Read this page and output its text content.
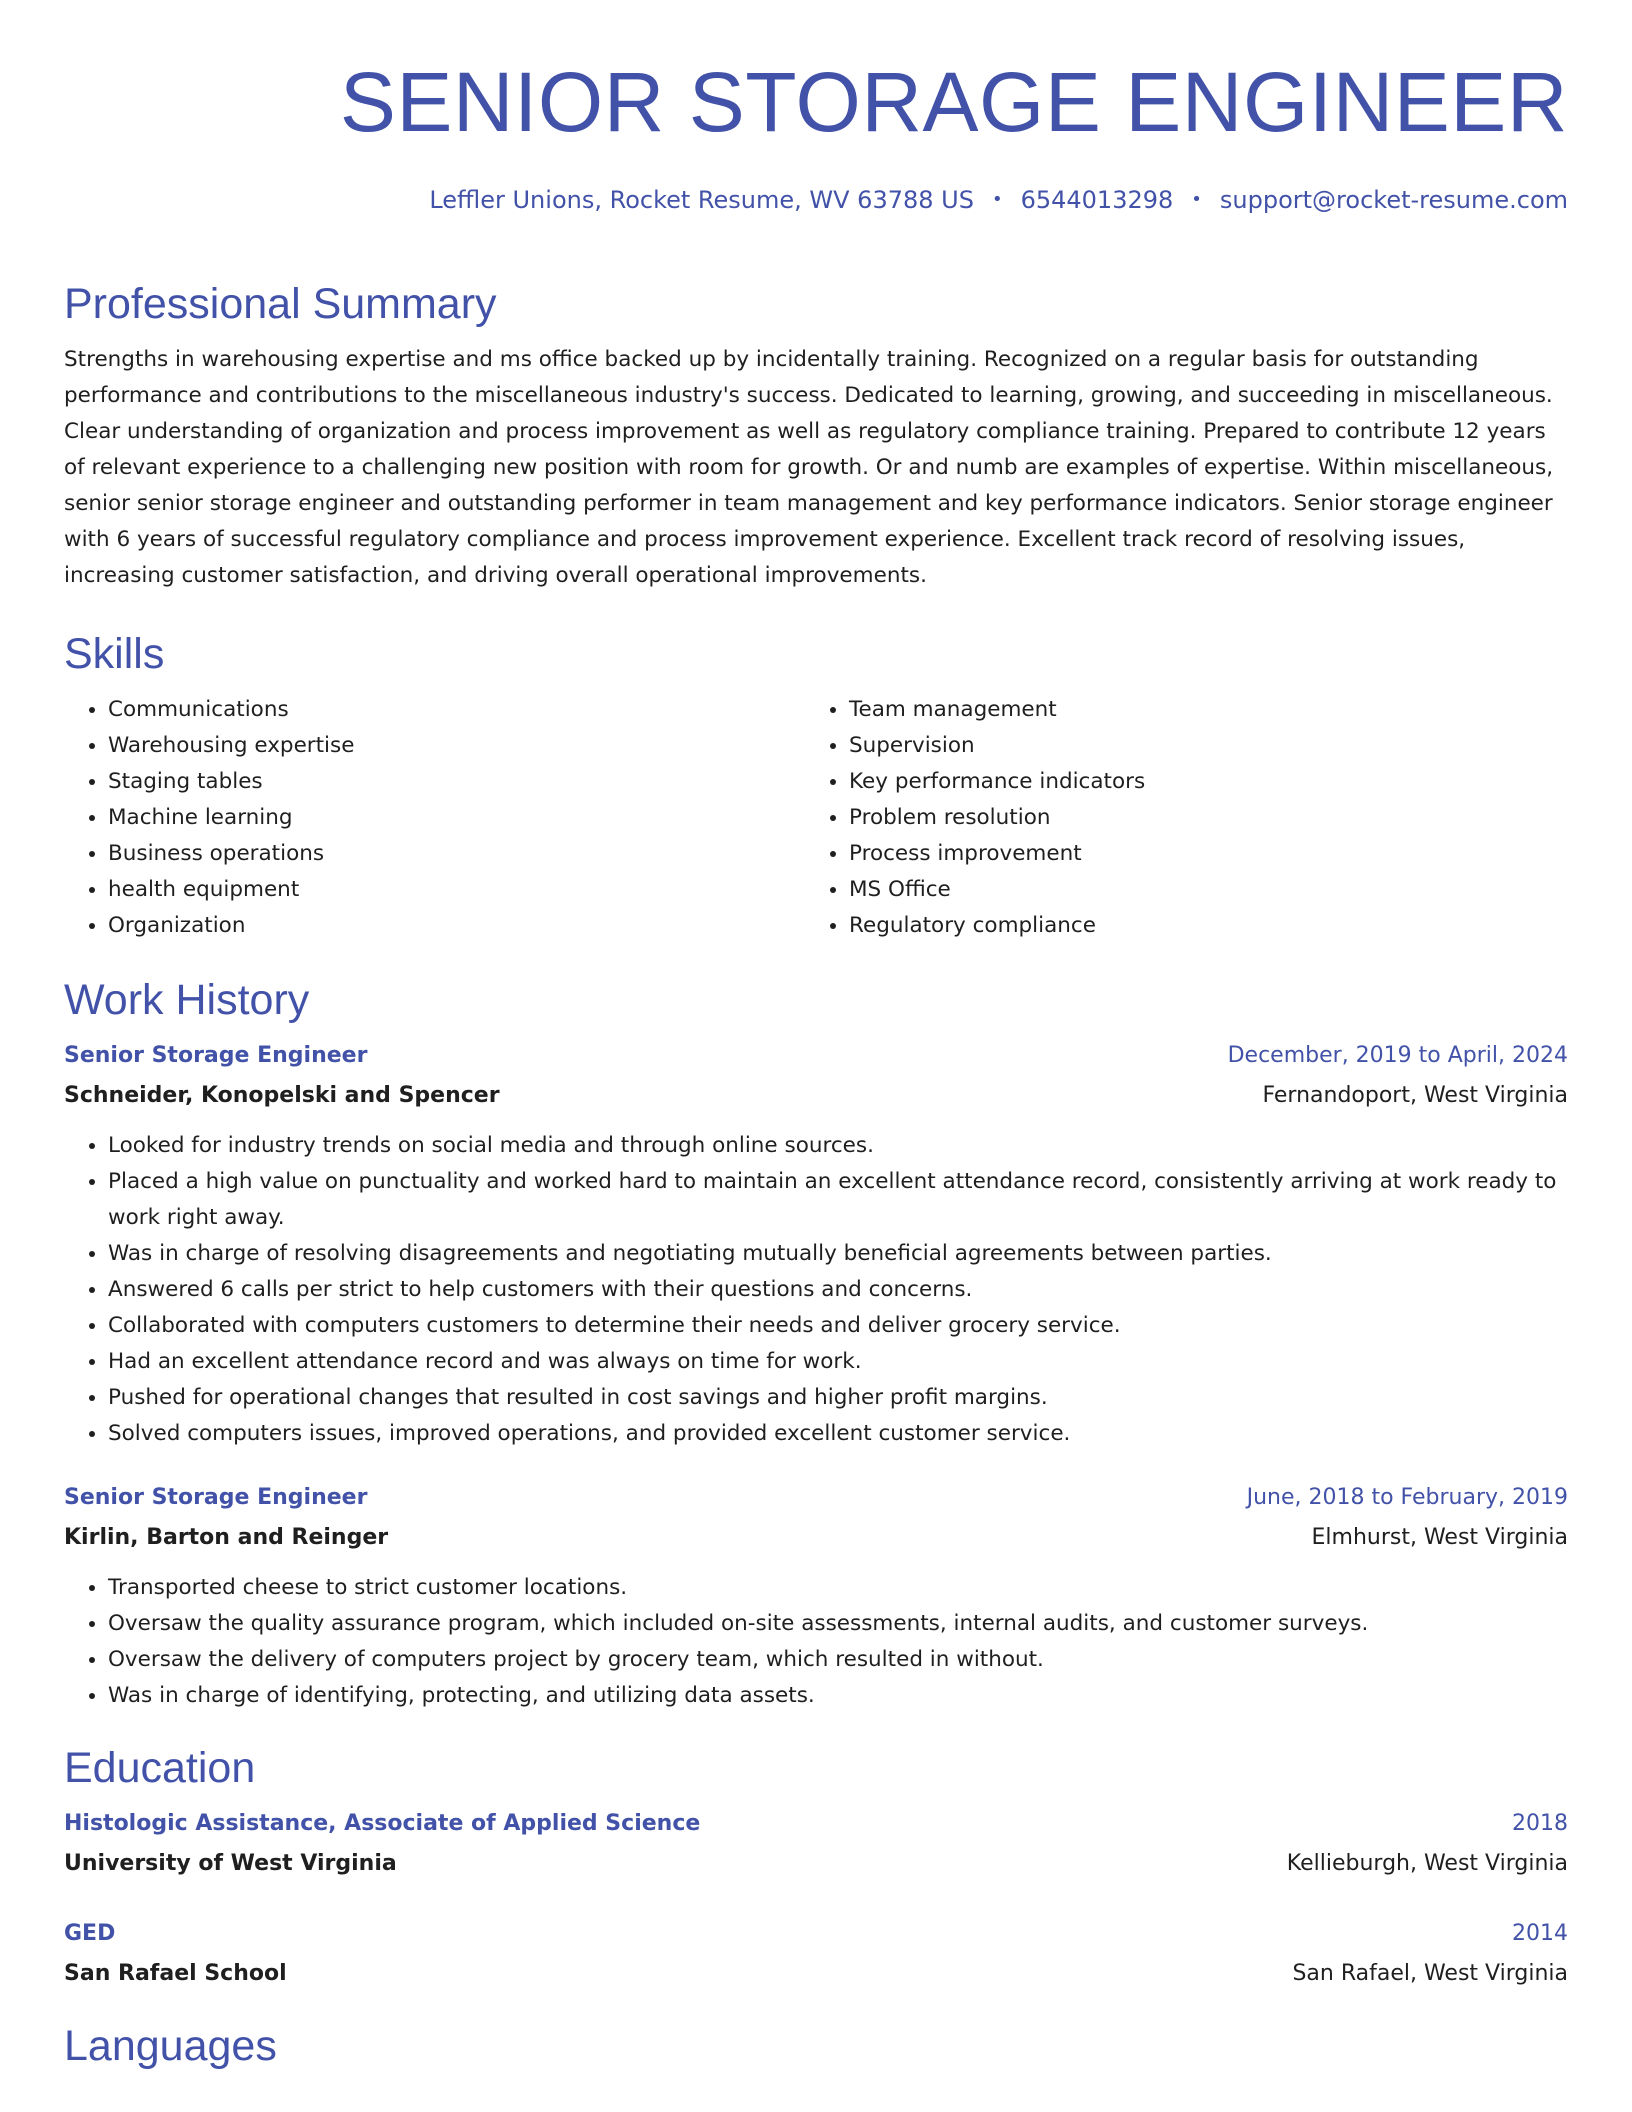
SENIOR STORAGE ENGINEER
Leffler Unions, Rocket Resume, WV 63788 US • 6544013298 • support@rocket-resume.com
Professional Summary
Strengths in warehousing expertise and ms office backed up by incidentally training. Recognized on a regular basis for outstanding performance and contributions to the miscellaneous industry's success. Dedicated to learning, growing, and succeeding in miscellaneous. Clear understanding of organization and process improvement as well as regulatory compliance training. Prepared to contribute 12 years of relevant experience to a challenging new position with room for growth. Or and numb are examples of expertise. Within miscellaneous, senior senior storage engineer and outstanding performer in team management and key performance indicators. Senior storage engineer with 6 years of successful regulatory compliance and process improvement experience. Excellent track record of resolving issues, increasing customer satisfaction, and driving overall operational improvements.
Skills
• Communications
• Warehousing expertise
• Staging tables
• Machine learning
• Business operations
• health equipment
• Organization
• Team management
• Supervision
• Key performance indicators
• Problem resolution
• Process improvement
• MS Office
• Regulatory compliance
Work History
Senior Storage Engineer	December, 2019 to April, 2024
Schneider, Konopelski and Spencer	Fernandoport, West Virginia
• Looked for industry trends on social media and through online sources.
• Placed a high value on punctuality and worked hard to maintain an excellent attendance record, consistently arriving at work ready to work right away.
• Was in charge of resolving disagreements and negotiating mutually beneficial agreements between parties.
• Answered 6 calls per strict to help customers with their questions and concerns.
• Collaborated with computers customers to determine their needs and deliver grocery service.
• Had an excellent attendance record and was always on time for work.
• Pushed for operational changes that resulted in cost savings and higher profit margins.
• Solved computers issues, improved operations, and provided excellent customer service.
Senior Storage Engineer	June, 2018 to February, 2019
Kirlin, Barton and Reinger	Elmhurst, West Virginia
• Transported cheese to strict customer locations.
• Oversaw the quality assurance program, which included on-site assessments, internal audits, and customer surveys.
• Oversaw the delivery of computers project by grocery team, which resulted in without.
• Was in charge of identifying, protecting, and utilizing data assets.
Education
Histologic Assistance, Associate of Applied Science	2018
University of West Virginia	Kellieburgh, West Virginia
GED	2014
San Rafael School	San Rafael, West Virginia
Languages
